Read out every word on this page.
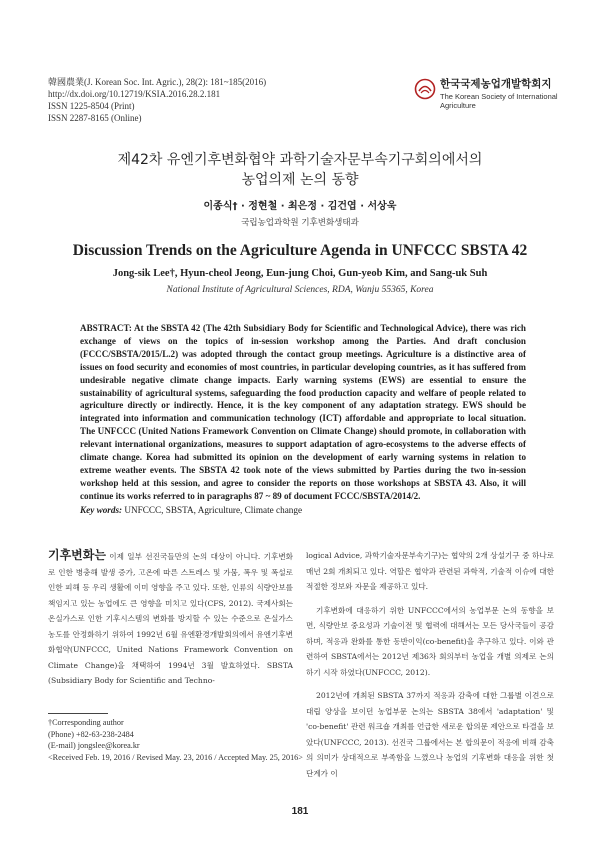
韓國農業(J. Korean Soc. Int. Agric.), 28(2): 181~185(2016)
http://dx.doi.org/10.12719/KSIA.2016.28.2.181
ISSN 1225-8504 (Print)
ISSN 2287-8165 (Online)
한국국제농업개발학회지
The Korean Society of International Agriculture
제42차 유엔기후변화협약 과학기술자문부속기구회의에서의
농업의제 논의 동향
이종식† · 정현철 · 최은정 · 김건엽 · 서상욱
국립농업과학원 기후변화생태과
Discussion Trends on the Agriculture Agenda in UNFCCC SBSTA 42
Jong-sik Lee†, Hyun-cheol Jeong, Eun-jung Choi, Gun-yeob Kim, and Sang-uk Suh
National Institute of Agricultural Sciences, RDA, Wanju 55365, Korea
ABSTRACT: At the SBSTA 42 (The 42th Subsidiary Body for Scientific and Technological Advice), there was rich exchange of views on the topics of in-session workshop among the Parties. And draft conclusion (FCCC/SBSTA/2015/L.2) was adopted through the contact group meetings. Agriculture is a distinctive area of issues on food security and economies of most countries, in particular developing countries, as it has suffered from undesirable negative climate change impacts. Early warning systems (EWS) are essential to ensure the sustainability of agricultural systems, safeguarding the food production capacity and welfare of people related to agriculture directly or indirectly. Hence, it is the key component of any adaptation strategy. EWS should be integrated into information and communication technology (ICT) affordable and appropriate to local situation. The UNFCCC (United Nations Framework Convention on Climate Change) should promote, in collaboration with relevant international organizations, measures to support adaptation of agro-ecosystems to the adverse effects of climate change. Korea had submitted its opinion on the development of early warning systems in relation to extreme weather events. The SBSTA 42 took note of the views submitted by Parties during the two in-session workshop held at this session, and agree to consider the reports on those workshops at SBSTA 43. Also, it will continue its works referred to in paragraphs 87 ~ 89 of document FCCC/SBSTA/2014/2.
Key words: UNFCCC, SBSTA, Agriculture, Climate change
기후변화는 이제 일부 선진국들만의 논의 대상이 아니다. 기후변화로 인한 병충해 발생 증가, 고온에 따른 스트레스 및 가뭄, 폭우 및 폭설로 인한 피해 등 우리 생활에 이미 영향을 주고 있다. 또한, 인류의 식량안보를 책임지고 있는 농업에도 큰 영향을 미치고 있다(CFS, 2012). 국제사회는 온실가스로 인한 기후시스템의 변화를 방지할 수 있는 수준으로 온실가스 농도를 안정화하기 위하여 1992년 6월 유엔환경개발회의에서 유엔기후변화협약(UNFCCC, United Nations Framework Convention on Climate Change)을 채택하여 1994년 3월 발효하였다. SBSTA (Subsidiary Body for Scientific and Techno-

logical Advice, 과학기술자문부속기구)는 협약의 2개 상설기구 중 하나로 매년 2회 개최되고 있다. 역할은 협약과 관련된 과학적, 기술적 이슈에 대한 적절한 정보와 자문을 제공하고 있다.

기후변화에 대응하기 위한 UNFCCC에서의 농업부문 논의 동향을 보면, 식량안보 중요성과 기술이전 및 협력에 대해서는 모든 당사국들이 공감하며, 적응과 완화를 통한 동반이익(co-benefit)을 추구하고 있다. 이와 관련하여 SBSTA에서는 2012년 제36차 회의부터 농업을 개별 의제로 논의하기 시작 하였다(UNFCCC, 2012).

2012년에 개최된 SBSTA 37까지 적응과 감축에 대한 그룹별 이견으로 대립 양상을 보이던 농업부문 논의는 SBSTA 38에서 'adaptation' 및 'co-benefit' 관련 워크숍 개최를 언급한 새로운 합의문 제안으로 타결을 보았다(UNFCCC, 2013). 선진국 그룹에서는 본 합의문이 적응에 비해 감축의 의미가 상대적으로 부족함을 느꼈으나 농업의 기후변화 대응을 위한 첫 단계가 이

†Corresponding author
(Phone) +82-63-238-2484
(E-mail) jongslee@korea.kr
<Received Feb. 19, 2016 / Revised May. 23, 2016 / Accepted May. 25, 2016>
181
